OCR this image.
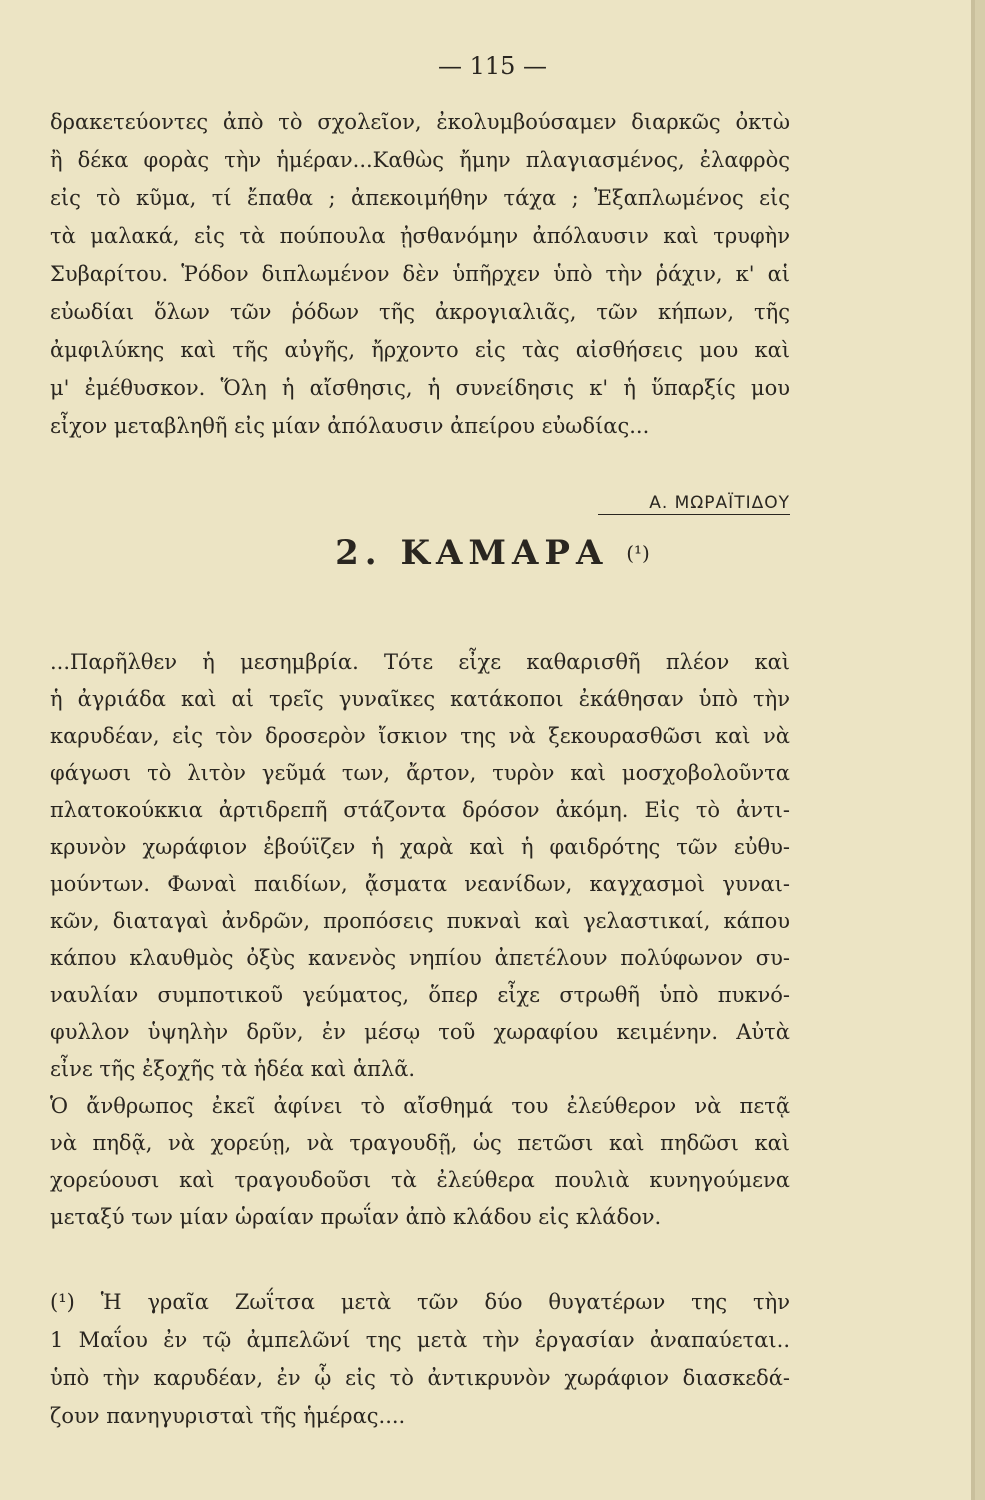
— 115 —
δρακετεύοντες ἀπὸ τὸ σχολεῖον, ἐκολυμβούσαμεν διαρκῶς ὀκτὼ
ἢ δέκα φορὰς τὴν ἡμέραν...Καθὼς ἤμην πλαγιασμένος, ἐλαφρὸς
εἰς τὸ κῦμα, τί ἔπαθα ; ἀπεκοιμήθην τάχα ; Ἐξαπλωμένος εἰς
τὰ μαλακά, εἰς τὰ πούπουλα ᾐσθανόμην ἀπόλαυσιν καὶ τρυφὴν
Συβαρίτου. Ῥόδον διπλωμένον δὲν ὑπῆρχεν ὑπὸ τὴν ῥάχιν, κ' αἱ
εὐωδίαι ὅλων τῶν ῥόδων τῆς ἀκρογιαλιᾶς, τῶν κήπων, τῆς
ἀμφιλύκης καὶ τῆς αὐγῆς, ἤρχοντο εἰς τὰς αἰσθήσεις μου καὶ
μ' ἐμέθυσκον. Ὅλη ἡ αἴσθησις, ἡ συνείδησις κ' ἡ ὕπαρξίς μου
εἶχον μεταβληθῆ εἰς μίαν ἀπόλαυσιν ἀπείρου εὐωδίας...
Α. ΜΩΡΑΪΤΙΔΟΥ
2. ΚΑΜΑΡΑ (¹)
...Παρῆλθεν ἡ μεσημβρία. Τότε εἶχε καθαρισθῆ πλέον καὶ
ἡ ἀγριάδα καὶ αἱ τρεῖς γυναῖκες κατάκοποι ἐκάθησαν ὑπὸ τὴν
καρυδέαν, εἰς τὸν δροσερὸν ἴσκιον της νὰ ξεκουρασθῶσι καὶ νὰ
φάγωσι τὸ λιτὸν γεῦμά των, ἄρτον, τυρὸν καὶ μοσχοβολοῦντα
πλατοκούκκια ἀρτιδρεπῆ στάζοντα δρόσον ἀκόμη. Εἰς τὸ ἀντι-
κρυνὸν χωράφιον ἐβούϊζεν ἡ χαρὰ καὶ ἡ φαιδρότης τῶν εὐθυ-
μούντων. Φωναὶ παιδίων, ᾄσματα νεανίδων, καγχασμοὶ γυναι-
κῶν, διαταγαὶ ἀνδρῶν, προπόσεις πυκναὶ καὶ γελαστικαί, κάπου
κάπου κλαυθμὸς ὀξὺς κανενὸς νηπίου ἀπετέλουν πολύφωνον συ-
ναυλίαν συμποτικοῦ γεύματος, ὅπερ εἶχε στρωθῆ ὑπὸ πυκνό-
φυλλον ὑψηλὴν δρῦν, ἐν μέσῳ τοῦ χωραφίου κειμένην. Αὐτὰ
εἶνε τῆς ἐξοχῆς τὰ ἡδέα καὶ ἁπλᾶ.
Ὁ ἄνθρωπος ἐκεῖ ἀφίνει τὸ αἴσθημά του ἐλεύθερον νὰ πετᾷ
νὰ πηδᾷ, νὰ χορεύῃ, νὰ τραγουδῇ, ὡς πετῶσι καὶ πηδῶσι καὶ
χορεύουσι καὶ τραγουδοῦσι τὰ ἐλεύθερα πουλιὰ κυνηγούμενα
μεταξύ των μίαν ὡραίαν πρωΐαν ἀπὸ κλάδου εἰς κλάδον.
(¹) Ἡ γραῖα Ζωΐτσα μετὰ τῶν δύο θυγατέρων της τὴν
1 Μαΐου ἐν τῷ ἀμπελῶνί της μετὰ τὴν ἐργασίαν ἀναπαύεται..
ὑπὸ τὴν καρυδέαν, ἐν ᾧ εἰς τὸ ἀντικρυνὸν χωράφιον διασκεδά-
ζουν πανηγυρισταὶ τῆς ἡμέρας....
